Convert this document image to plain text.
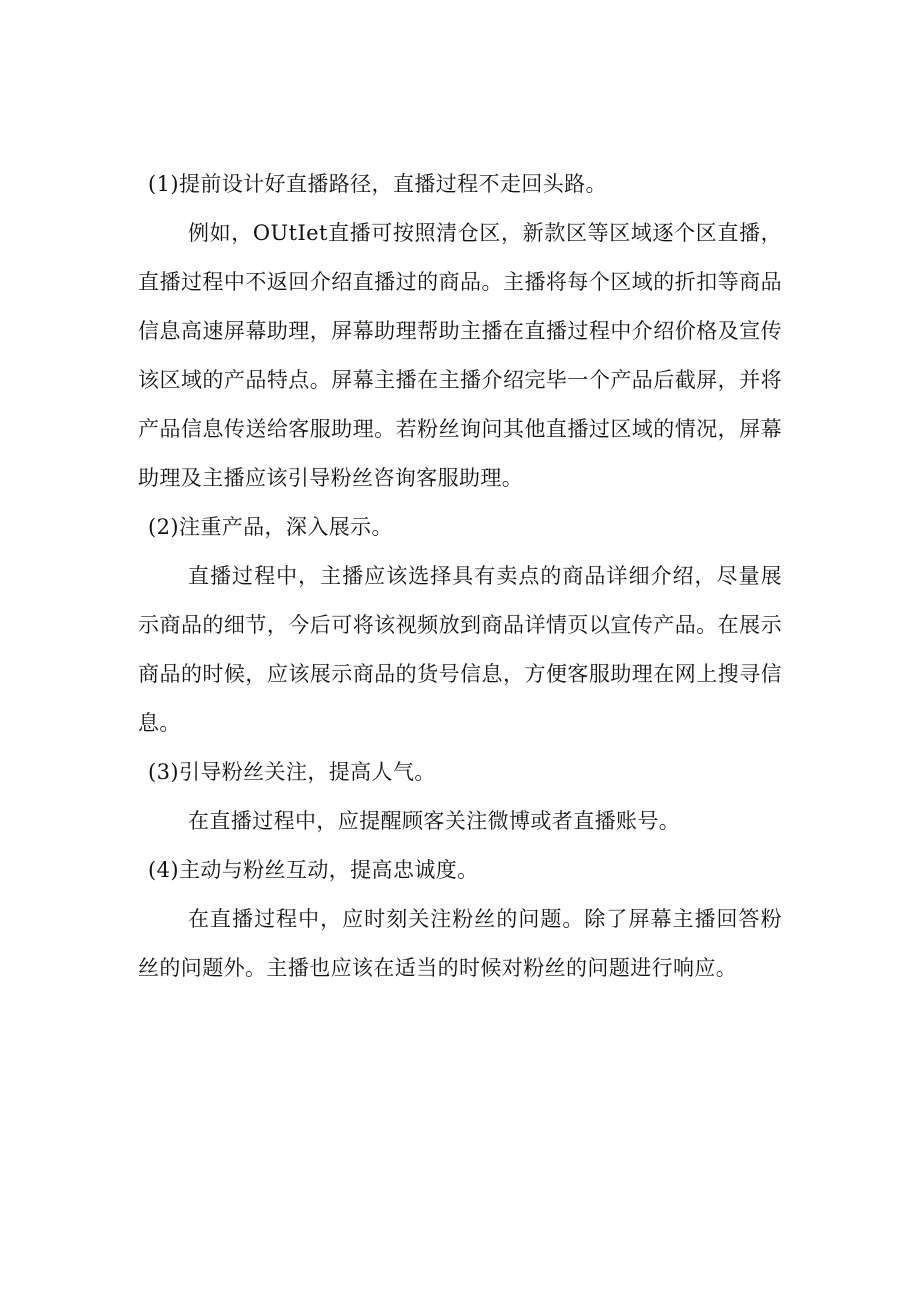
(1)提前设计好直播路径，直播过程不走回头路。

例如，OUtIet直播可按照清仓区，新款区等区域逐个区直播，直播过程中不返回介绍直播过的商品。主播将每个区域的折扣等商品信息高速屏幕助理，屏幕助理帮助主播在直播过程中介绍价格及宣传该区域的产品特点。屏幕主播在主播介绍完毕一个产品后截屏，并将产品信息传送给客服助理。若粉丝询问其他直播过区域的情况，屏幕助理及主播应该引导粉丝咨询客服助理。

(2)注重产品，深入展示。

直播过程中，主播应该选择具有卖点的商品详细介绍，尽量展示商品的细节，今后可将该视频放到商品详情页以宣传产品。在展示商品的时候，应该展示商品的货号信息，方便客服助理在网上搜寻信息。

(3)引导粉丝关注，提高人气。

在直播过程中，应提醒顾客关注微博或者直播账号。

(4)主动与粉丝互动，提高忠诚度。

在直播过程中，应时刻关注粉丝的问题。除了屏幕主播回答粉丝的问题外。主播也应该在适当的时候对粉丝的问题进行响应。
